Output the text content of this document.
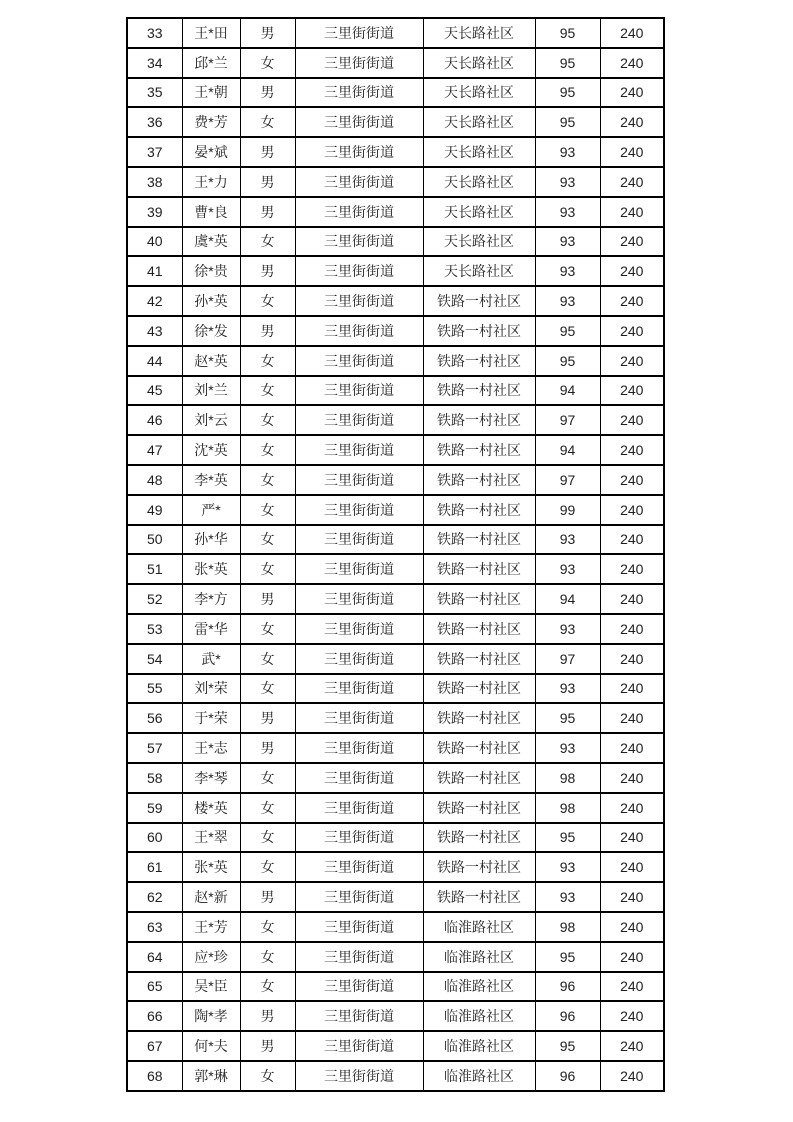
33	王*田	男	三里街街道	天长路社区	95	240
34	邱*兰	女	三里街街道	天长路社区	95	240
35	王*朝	男	三里街街道	天长路社区	95	240
36	费*芳	女	三里街街道	天长路社区	95	240
37	晏*斌	男	三里街街道	天长路社区	93	240
38	王*力	男	三里街街道	天长路社区	93	240
39	曹*良	男	三里街街道	天长路社区	93	240
40	虞*英	女	三里街街道	天长路社区	93	240
41	徐*贵	男	三里街街道	天长路社区	93	240
42	孙*英	女	三里街街道	铁路一村社区	93	240
43	徐*发	男	三里街街道	铁路一村社区	95	240
44	赵*英	女	三里街街道	铁路一村社区	95	240
45	刘*兰	女	三里街街道	铁路一村社区	94	240
46	刘*云	女	三里街街道	铁路一村社区	97	240
47	沈*英	女	三里街街道	铁路一村社区	94	240
48	李*英	女	三里街街道	铁路一村社区	97	240
49	严*	女	三里街街道	铁路一村社区	99	240
50	孙*华	女	三里街街道	铁路一村社区	93	240
51	张*英	女	三里街街道	铁路一村社区	93	240
52	李*方	男	三里街街道	铁路一村社区	94	240
53	雷*华	女	三里街街道	铁路一村社区	93	240
54	武*	女	三里街街道	铁路一村社区	97	240
55	刘*荣	女	三里街街道	铁路一村社区	93	240
56	于*荣	男	三里街街道	铁路一村社区	95	240
57	王*志	男	三里街街道	铁路一村社区	93	240
58	李*琴	女	三里街街道	铁路一村社区	98	240
59	楼*英	女	三里街街道	铁路一村社区	98	240
60	王*翠	女	三里街街道	铁路一村社区	95	240
61	张*英	女	三里街街道	铁路一村社区	93	240
62	赵*新	男	三里街街道	铁路一村社区	93	240
63	王*芳	女	三里街街道	临淮路社区	98	240
64	应*珍	女	三里街街道	临淮路社区	95	240
65	吴*臣	女	三里街街道	临淮路社区	96	240
66	陶*孝	男	三里街街道	临淮路社区	96	240
67	何*夫	男	三里街街道	临淮路社区	95	240
68	郭*琳	女	三里街街道	临淮路社区	96	240
